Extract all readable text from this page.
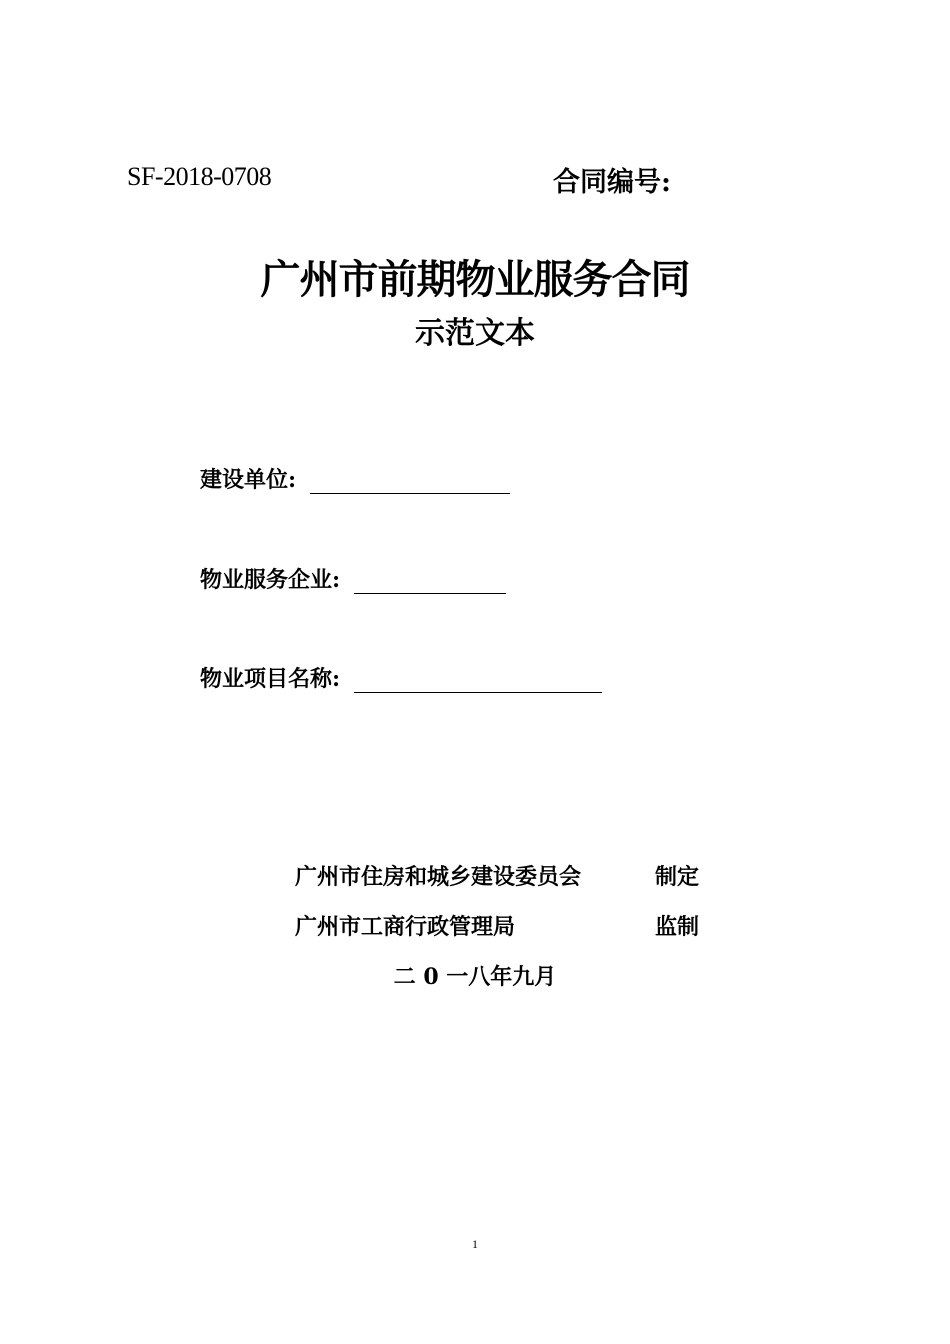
SF-2018-0708	合同编号:
广州市前期物业服务合同
示范文本
建设单位:
物业服务企业:
物业项目名称:
广州市住房和城乡建设委员会	制定
广州市工商行政管理局	监制
二 0 一八年九月
1
